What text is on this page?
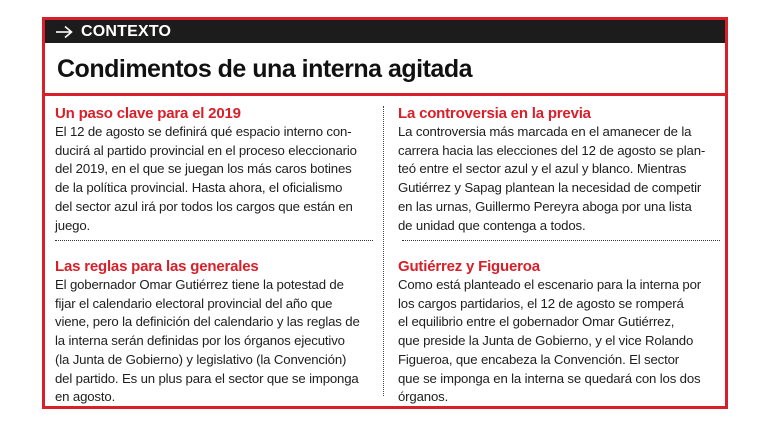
CONTEXTO
Condimentos de una interna agitada
Un paso clave para el 2019
El 12 de agosto se definirá qué espacio interno con-
ducirá al partido provincial en el proceso eleccionario
del 2019, en el que se juegan los más caros botines
de la política provincial. Hasta ahora, el oficialismo
del sector azul irá por todos los cargos que están en
juego.
Las reglas para las generales
El gobernador Omar Gutiérrez tiene la potestad de
fijar el calendario electoral provincial del año que
viene, pero la definición del calendario y las reglas de
la interna serán definidas por los órganos ejecutivo
(la Junta de Gobierno) y legislativo (la Convención)
del partido. Es un plus para el sector que se imponga
en agosto.
La controversia en la previa
La controversia más marcada en el amanecer de la
carrera hacia las elecciones del 12 de agosto se plan-
teó entre el sector azul y el azul y blanco. Mientras
Gutiérrez y Sapag plantean la necesidad de competir
en las urnas, Guillermo Pereyra aboga por una lista
de unidad que contenga a todos.
Gutiérrez y Figueroa
Como está planteado el escenario para la interna por
los cargos partidarios, el 12 de agosto se romperá
el equilibrio entre el gobernador Omar Gutiérrez,
que preside la Junta de Gobierno, y el vice Rolando
Figueroa, que encabeza la Convención. El sector
que se imponga en la interna se quedará con los dos
órganos.
